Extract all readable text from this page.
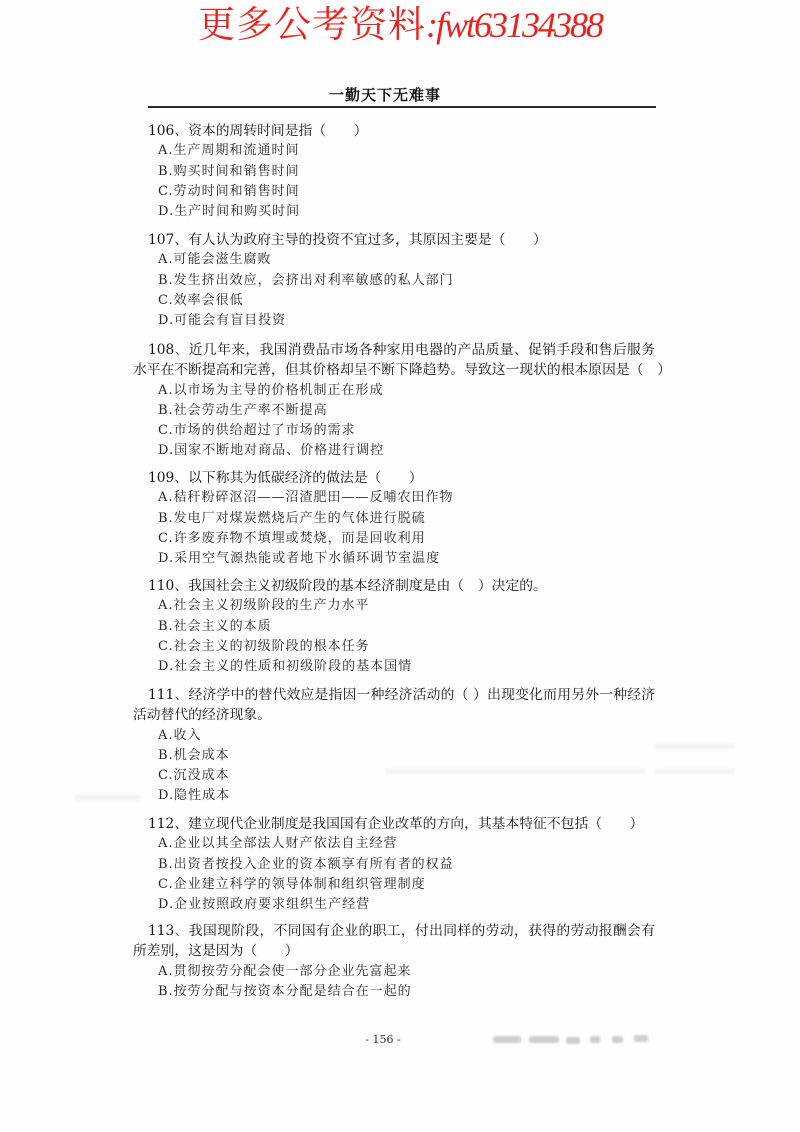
更多公考资料:fwt63134388
一勤天下无难事
106、资本的周转时间是指（　　）
A.生产周期和流通时间
B.购买时间和销售时间
C.劳动时间和销售时间
D.生产时间和购买时间
107、有人认为政府主导的投资不宜过多，其原因主要是（　　）
A.可能会滋生腐败
B.发生挤出效应，会挤出对利率敏感的私人部门
C.效率会很低
D.可能会有盲目投资
108、近几年来，我国消费品市场各种家用电器的产品质量、促销手段和售后服务
水平在不断提高和完善，但其价格却呈不断下降趋势。导致这一现状的根本原因是（　）
A.以市场为主导的价格机制正在形成
B.社会劳动生产率不断提高
C.市场的供给超过了市场的需求
D.国家不断地对商品、价格进行调控
109、以下称其为低碳经济的做法是（　　）
A.秸秆粉碎沤沼——沼渣肥田——反哺农田作物
B.发电厂对煤炭燃烧后产生的气体进行脱硫
C.许多废弃物不填埋或焚烧，而是回收利用
D.采用空气源热能或者地下水循环调节室温度
110、我国社会主义初级阶段的基本经济制度是由（　）决定的。
A.社会主义初级阶段的生产力水平
B.社会主义的本质
C.社会主义的初级阶段的根本任务
D.社会主义的性质和初级阶段的基本国情
111、经济学中的替代效应是指因一种经济活动的（ ）出现变化而用另外一种经济
活动替代的经济现象。
A.收入
B.机会成本
C.沉没成本
D.隐性成本
112、建立现代企业制度是我国国有企业改革的方向，其基本特征不包括（　　）
A.企业以其全部法人财产依法自主经营
B.出资者按投入企业的资本额享有所有者的权益
C.企业建立科学的领导体制和组织管理制度
D.企业按照政府要求组织生产经营
113、我国现阶段，不同国有企业的职工，付出同样的劳动，获得的劳动报酬会有
所差别，这是因为（　　）
A.贯彻按劳分配会使一部分企业先富起来
B.按劳分配与按资本分配是结合在一起的
- 156 -
